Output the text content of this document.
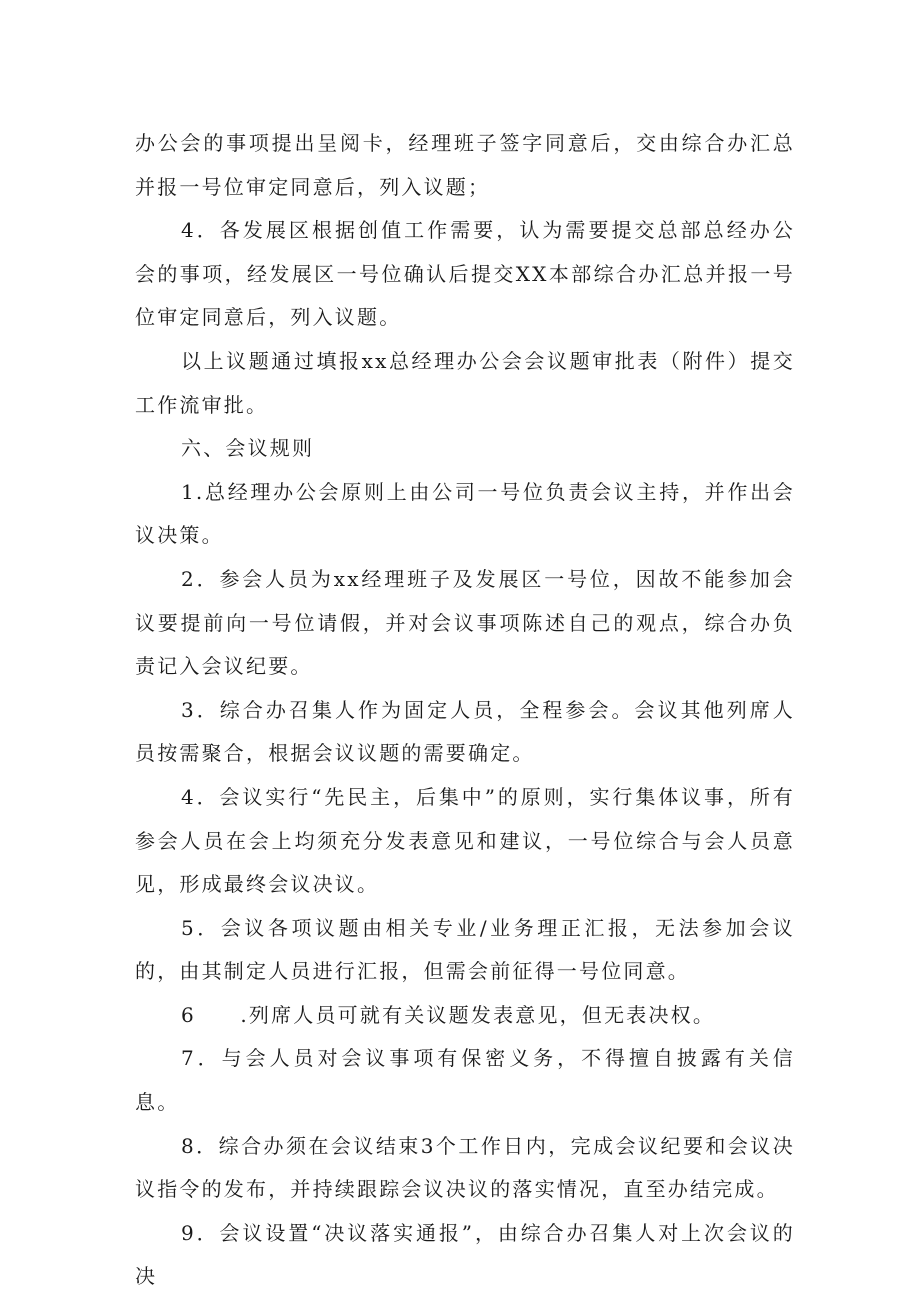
办公会的事项提出呈阅卡，经理班子签字同意后，交由综合办汇总并报一号位审定同意后，列入议题；

4．各发展区根据创值工作需要，认为需要提交总部总经办公会的事项，经发展区一号位确认后提交XX本部综合办汇总并报一号位审定同意后，列入议题。

以上议题通过填报xx总经理办公会会议题审批表（附件）提交工作流审批。

六、会议规则

1.总经理办公会原则上由公司一号位负责会议主持，并作出会议决策。

2．参会人员为xx经理班子及发展区一号位，因故不能参加会议要提前向一号位请假，并对会议事项陈述自己的观点，综合办负责记入会议纪要。

3．综合办召集人作为固定人员，全程参会。会议其他列席人员按需聚合，根据会议议题的需要确定。

4．会议实行“先民主，后集中”的原则，实行集体议事，所有参会人员在会上均须充分发表意见和建议，一号位综合与会人员意见，形成最终会议决议。

5．会议各项议题由相关专业/业务理正汇报，无法参加会议的，由其制定人员进行汇报，但需会前征得一号位同意。

6　　.列席人员可就有关议题发表意见，但无表决权。

7．与会人员对会议事项有保密义务，不得擅自披露有关信息。

8．综合办须在会议结束3个工作日内，完成会议纪要和会议决议指令的发布，并持续跟踪会议决议的落实情况，直至办结完成。

9．会议设置“决议落实通报”，由综合办召集人对上次会议的决
